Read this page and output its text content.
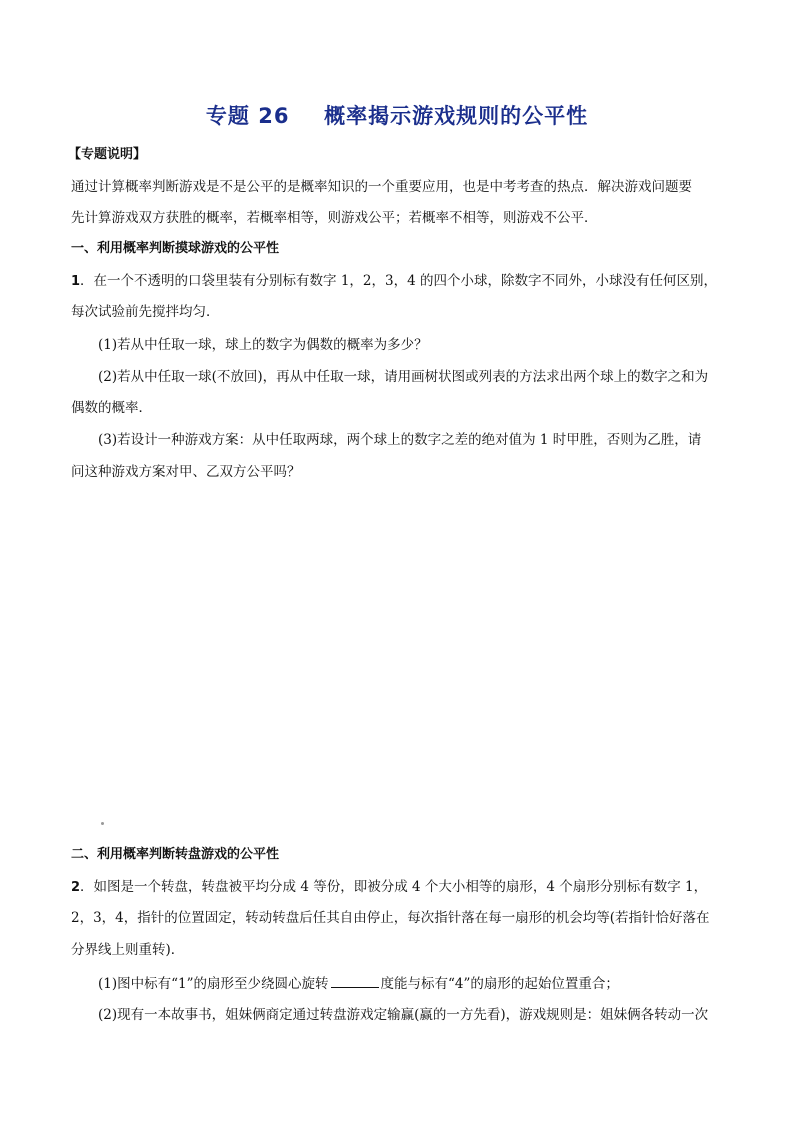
专题 26 概率揭示游戏规则的公平性
【专题说明】
通过计算概率判断游戏是不是公平的是概率知识的一个重要应用，也是中考考查的热点．解决游戏问题要
先计算游戏双方获胜的概率，若概率相等，则游戏公平；若概率不相等，则游戏不公平．
一、利用概率判断摸球游戏的公平性
1．在一个不透明的口袋里装有分别标有数字 1，2，3，4 的四个小球，除数字不同外，小球没有任何区别，
每次试验前先搅拌均匀．
(1)若从中任取一球，球上的数字为偶数的概率为多少？
(2)若从中任取一球(不放回)，再从中任取一球，请用画树状图或列表的方法求出两个球上的数字之和为
偶数的概率．
(3)若设计一种游戏方案：从中任取两球，两个球上的数字之差的绝对值为 1 时甲胜，否则为乙胜，请
问这种游戏方案对甲、乙双方公平吗？
二、利用概率判断转盘游戏的公平性
2．如图是一个转盘，转盘被平均分成 4 等份，即被分成 4 个大小相等的扇形，4 个扇形分别标有数字 1，
2，3，4，指针的位置固定，转动转盘后任其自由停止，每次指针落在每一扇形的机会均等(若指针恰好落在
分界线上则重转)．
(1)图中标有“1”的扇形至少绕圆心旋转	度能与标有“4”的扇形的起始位置重合；
(2)现有一本故事书，姐妹俩商定通过转盘游戏定输赢(赢的一方先看)，游戏规则是：姐妹俩各转动一次
